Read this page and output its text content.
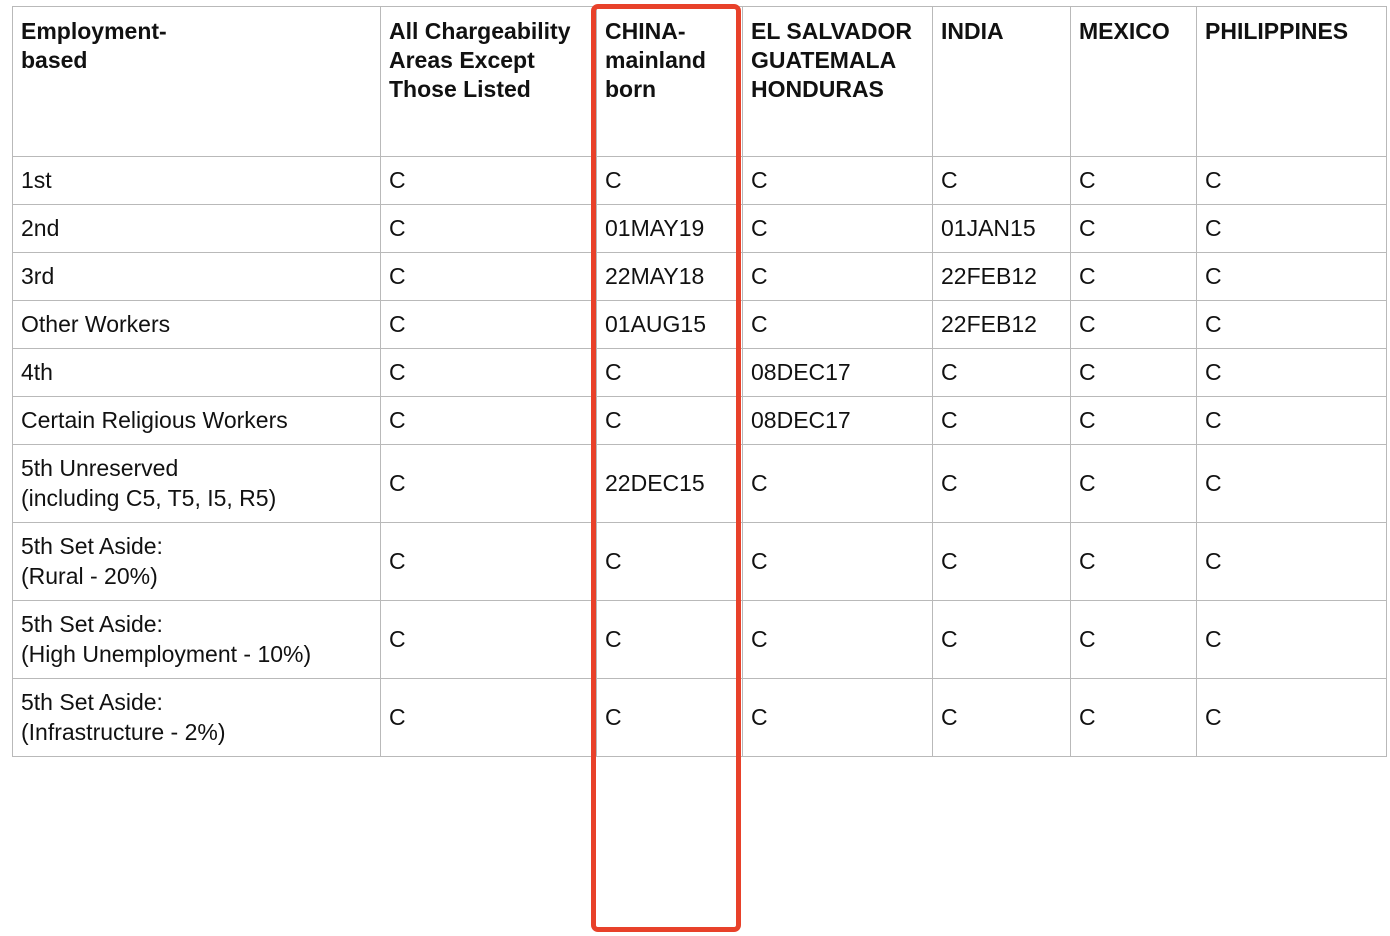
Employment-
based	All Chargeability
Areas Except
Those Listed	CHINA-
mainland
born	EL SALVADOR
GUATEMALA
HONDURAS	INDIA	MEXICO	PHILIPPINES
1st	C	C	C	C	C	C
2nd	C	01MAY19	C	01JAN15	C	C
3rd	C	22MAY18	C	22FEB12	C	C
Other Workers	C	01AUG15	C	22FEB12	C	C
4th	C	C	08DEC17	C	C	C
Certain Religious Workers	C	C	08DEC17	C	C	C

5th Unreserved
(including C5, T5, I5, R5)	C	22DEC15	C	C	C	C

5th Set Aside:
(Rural - 20%)	C	C	C	C	C	C

5th Set Aside:
(High Unemployment - 10%)	C	C	C	C	C	C

5th Set Aside:
(Infrastructure - 2%)	C	C	C	C	C	C
